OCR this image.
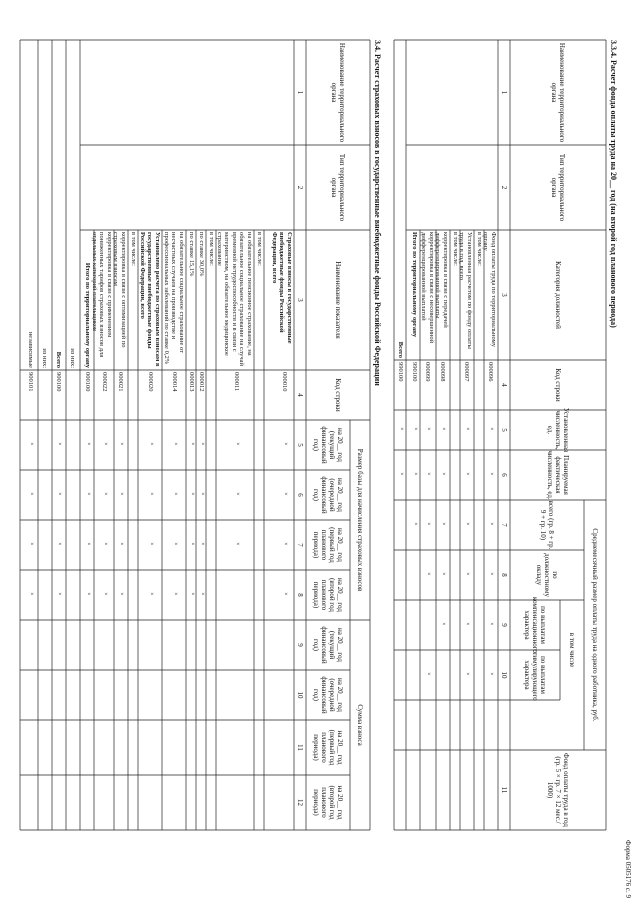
Форма 0505176 с. 9
3.3.4. Расчет фонда оплаты труда на 20__ год (на второй год планового периода)
Наименование территориального органа
Тип территориального органа
Категория должностей
Код строки
Установленная численность, ед.
Планируемая фактическая численность, ед.
Среднемесячный размер оплаты труда на одного работника, руб.
всего (гр. 8 + гр. 9 + гр. 10)
по должностному окладу
в том числе
по выплатам компенсационного характера
по выплатам стимулирующего характера
Фонд оплаты труда в год (гр. 5 × гр. 7 × 12 мес./ 1000)
1
2
3
4
5
6
7
8
9
10
11
Фонд оплаты труда по территориальному органу
000096
в том числе:
Установленная расчетом по фонду оплаты труда в год, всего
000097
в том числе:
корректировка в связи с передачей дифференцированной выплаты
000098
корректировка в связи с несовершенной дифференцированной выплатой
000099
Итого по территориальному органу
990100
Всего
990100
3.4. Расчет страховых взносов в государственные внебюджетные фонды Российской Федерации
Наименование территориального органа
Тип территориального органа
Наименование показателя
Код строки
Размер базы для начисления страховых взносов
на 20__ год (текущий финансовый год)
на 20__ год (очередной финансовый год)
на 20__ год (первый год планового периода)
на 20__ год (второй год планового периода)
Сумма взноса
на 20__ год (текущий финансовый год)
на 20__ год (очередной финансовый год)
на 20__ год (первый год планового периода)
на 20__ год (второй год планового периода)
1
2
3
4
5
6
7
8
9
10
11
12
Страховые взносы в государственные внебюджетные фонды Российской Федерации, всего
000010
в том числе:
на обязательное пенсионное страхование, на обязательное социальное страхование на случай временной нетрудоспособности и в связи с материнством, на обязательное медицинское страхование
000011
в том числе:
по ставке 30,0%
000012
по ставке 15,1%
000013
на обязательное социальное страхование от несчастных случаев на производстве и профессиональных заболеваний по ставке 0,2%
000014
Установлено расчета по страховым взносам в государственные внебюджетные фонды Российской Федерации, всего
000020
в том числе:
корректировка в связи с оптимизацией по страховым взносам
000021
корректировка в связи с применением пониженных тарифов страховых взносов для отдельных категорий плательщиков
000022
Итого по территориальному органу
000100
из них:
Всего
900100
из них:
независимые
900101
×
×
×
×
×
×
×
×
×
×
×
×
×
×
×
×
×
×
×
×
×
×
×
×
×
×
×
×
×
×
×
×
×
×
×
×
×
×
×
×
×
×
×
×
×
×
×
×
×
×
×
×
×
×
×
×
×
×
×
×
×
×
×
×
×
×
×
×
×
×
